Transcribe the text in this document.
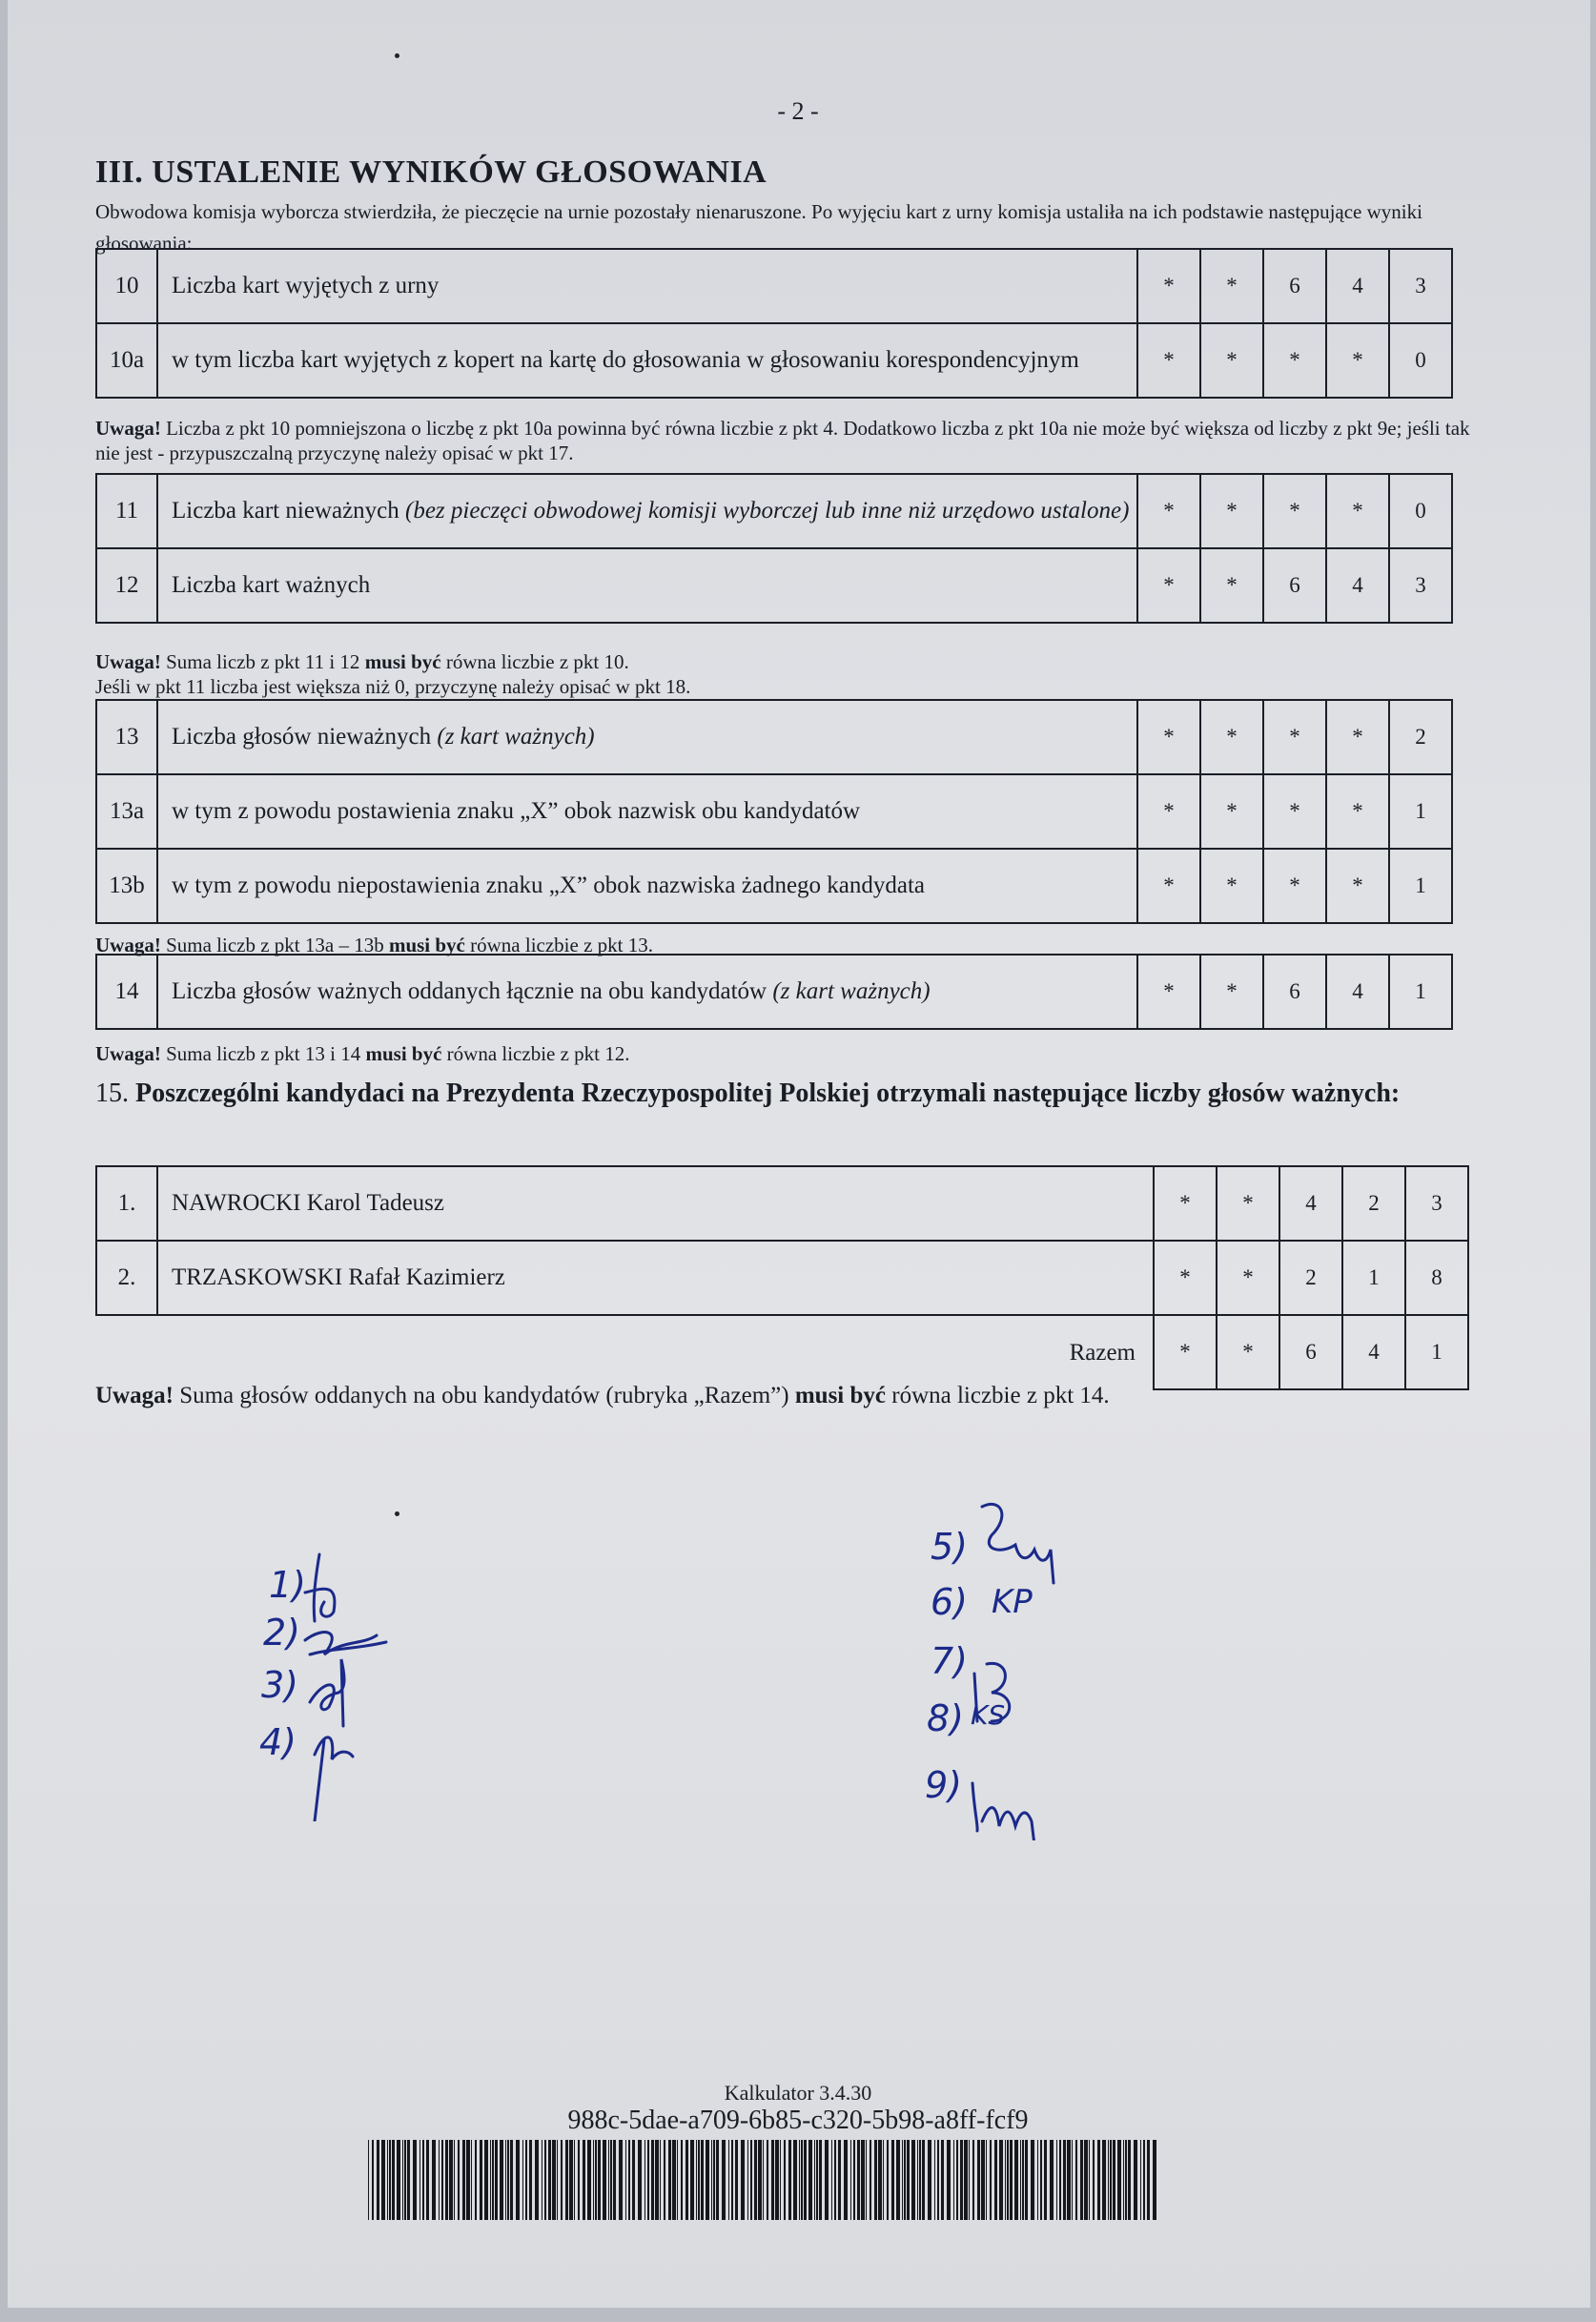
- 2 -
III. USTALENIE WYNIKÓW GŁOSOWANIA
Obwodowa komisja wyborcza stwierdziła, że pieczęcie na urnie pozostały nienaruszone. Po wyjęciu kart z urny komisja ustaliła na ich podstawie następujące wyniki głosowania:
10	Liczba kart wyjętych z urny	*	*	6	4	3
10a	w tym liczba kart wyjętych z kopert na kartę do głosowania w głosowaniu korespondencyjnym	*	*	*	*	0
Uwaga! Liczba z pkt 10 pomniejszona o liczbę z pkt 10a powinna być równa liczbie z pkt 4. Dodatkowo liczba z pkt 10a nie może być większa od liczby z pkt 9e; jeśli tak nie jest - przypuszczalną przyczynę należy opisać w pkt 17.
11	Liczba kart nieważnych (bez pieczęci obwodowej komisji wyborczej lub inne niż urzędowo ustalone)	*	*	*	*	0
12	Liczba kart ważnych	*	*	6	4	3
Uwaga! Suma liczb z pkt 11 i 12 musi być równa liczbie z pkt 10.
Jeśli w pkt 11 liczba jest większa niż 0, przyczynę należy opisać w pkt 18.
13	Liczba głosów nieważnych (z kart ważnych)	*	*	*	*	2
13a	w tym z powodu postawienia znaku „X” obok nazwisk obu kandydatów	*	*	*	*	1
13b	w tym z powodu niepostawienia znaku „X” obok nazwiska żadnego kandydata	*	*	*	*	1
Uwaga! Suma liczb z pkt 13a – 13b musi być równa liczbie z pkt 13.
14	Liczba głosów ważnych oddanych łącznie na obu kandydatów (z kart ważnych)	*	*	6	4	1
Uwaga! Suma liczb z pkt 13 i 14 musi być równa liczbie z pkt 12.
15. Poszczególni kandydaci na Prezydenta Rzeczypospolitej Polskiej otrzymali następujące liczby głosów ważnych:
1.	NAWROCKI Karol Tadeusz	*	*	4	2	3
2.	TRZASKOWSKI Rafał Kazimierz	*	*	2	1	8
	Razem	*	*	6	4	1
Uwaga! Suma głosów oddanych na obu kandydatów (rubryka „Razem”) musi być równa liczbie z pkt 14.
1)
2)
3)
4)
5)
6)
7)
8)
9)
KP
KS
Kalkulator 3.4.30
988c-5dae-a709-6b85-c320-5b98-a8ff-fcf9
